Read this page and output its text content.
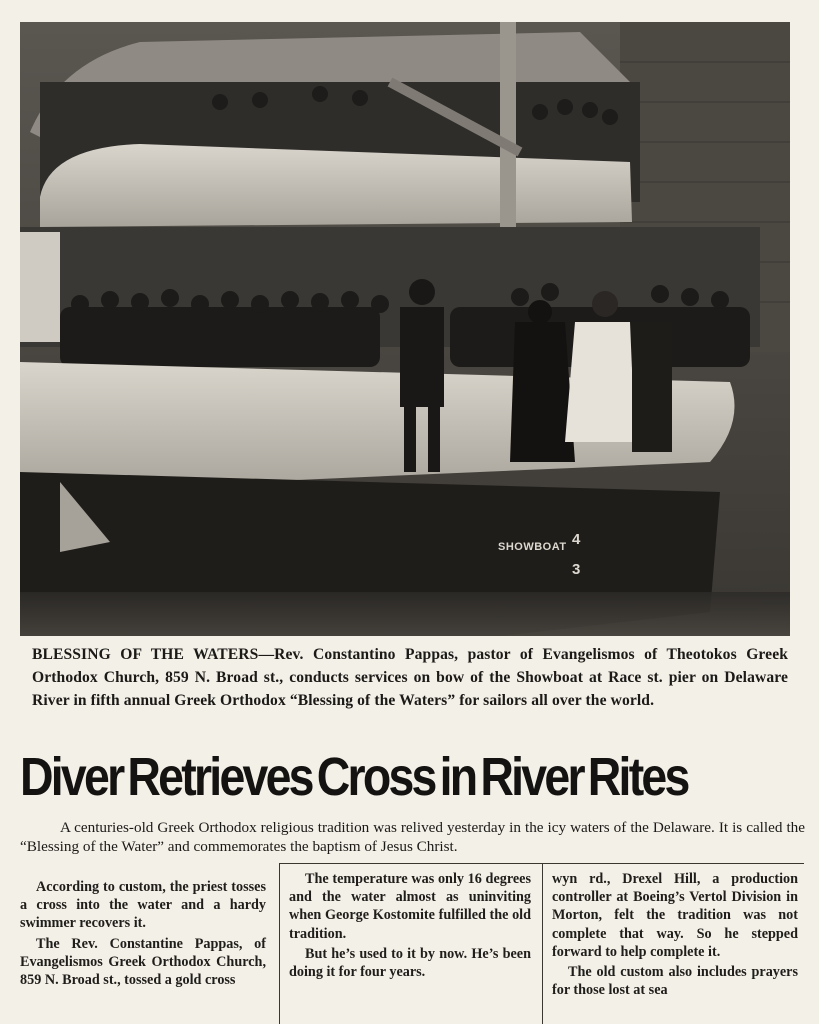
SHOWBOAT 4
3
BLESSING OF THE WATERS—Rev. Constantino Pappas, pastor of Evangelismos of Theotokos Greek Orthodox Church, 859 N. Broad st., conducts services on bow of the Showboat at Race st. pier on Delaware River in fifth annual Greek Orthodox “Blessing of the Waters” for sailors all over the world.
Diver Retrieves Cross in River Rites
A centuries-old Greek Orthodox religious tradition was relived yesterday in the icy waters of the Delaware. It is called the “Blessing of the Water” and commemorates the baptism of Jesus Christ.

According to custom, the priest tosses a cross into the water and a hardy swimmer recovers it.

The Rev. Constantine Pappas, of Evangelismos Greek Orthodox Church, 859 N. Broad st., tossed a gold cross

The temperature was only 16 degrees and the water almost as uninviting when George Kostomite fulfilled the old tradition.

But he’s used to it by now. He’s been doing it for four years.

wyn rd., Drexel Hill, a production controller at Boeing’s Vertol Division in Morton, felt the tradition was not complete that way. So he stepped forward to help complete it.

The old custom also includes prayers for those lost at sea
